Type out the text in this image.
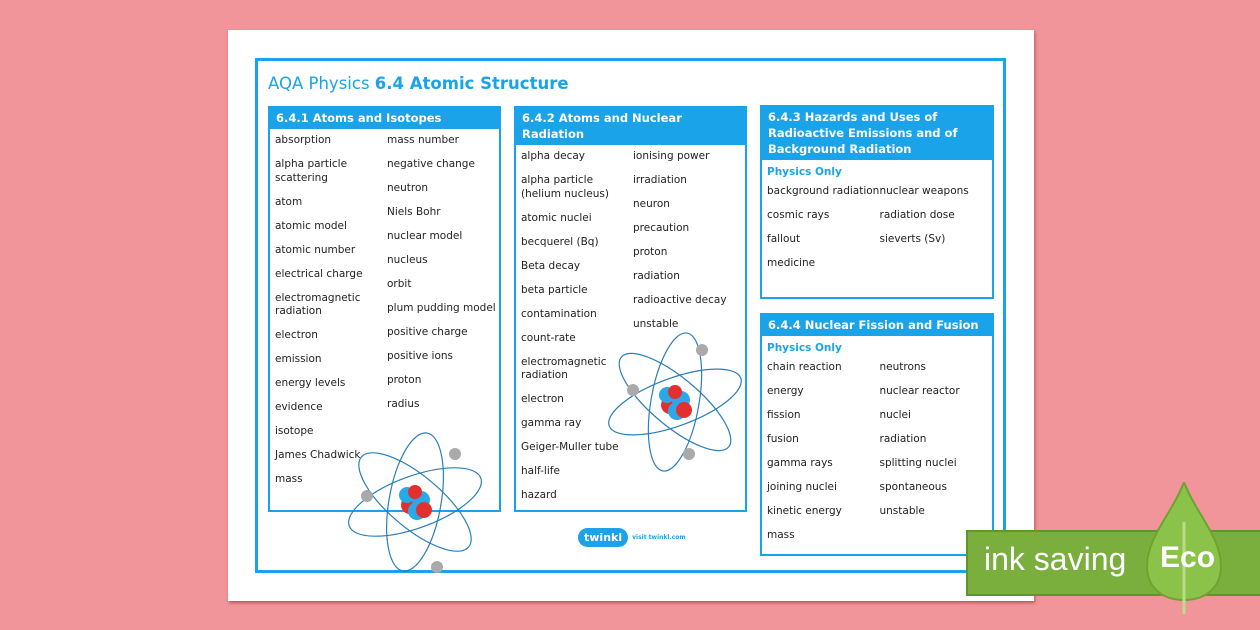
AQA Physics 6.4 Atomic Structure
6.4.1 Atoms and Isotopes
absorption
alpha particle scattering
atom
atomic model
atomic number
electrical charge
electromagnetic radiation
electron
emission
energy levels
evidence
isotope
James Chadwick
mass
mass number
negative change
neutron
Niels Bohr
nuclear model
nucleus
orbit
plum pudding model
positive charge
positive ions
proton
radius
6.4.2 Atoms and Nuclear Radiation
alpha decay
alpha particle (helium nucleus)
atomic nuclei
becquerel (Bq)
Beta decay
beta particle
contamination
count-rate
electromagnetic radiation
electron
gamma ray
Geiger-Muller tube
half-life
hazard
ionising power
irradiation
neuron
precaution
proton
radiation
radioactive decay
unstable
6.4.3 Hazards and Uses of Radioactive Emissions and of Background Radiation
Physics Only
background radiation
cosmic rays
fallout
medicine
nuclear weapons
radiation dose
sieverts (Sv)
6.4.4 Nuclear Fission and Fusion
Physics Only
chain reaction
energy
fission
fusion
gamma rays
joining nuclei
kinetic energy
mass
neutrons
nuclear reactor
nuclei
radiation
splitting nuclei
spontaneous
unstable
twinkl	visit twinkl.com
ink saving Eco
